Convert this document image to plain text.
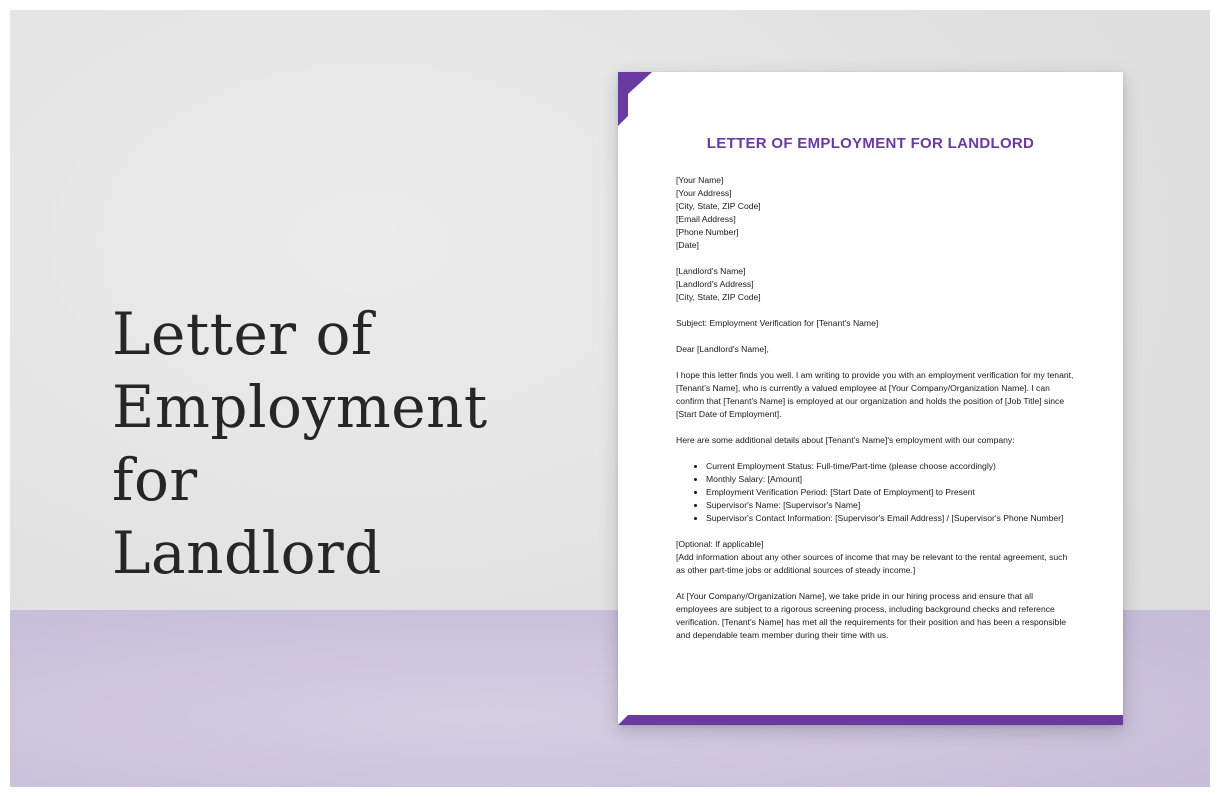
Letter of
Employment for
Landlord
LETTER OF EMPLOYMENT FOR LANDLORD

[Your Name]
[Your Address]
[City, State, ZIP Code]
[Email Address]
[Phone Number]
[Date]

[Landlord's Name]
[Landlord's Address]
[City, State, ZIP Code]

Subject: Employment Verification for [Tenant's Name]

Dear [Landlord's Name],

I hope this letter finds you well. I am writing to provide you with an employment verification for my tenant, [Tenant's Name], who is currently a valued employee at [Your Company/Organization Name]. I can confirm that [Tenant's Name] is employed at our organization and holds the position of [Job Title] since [Start Date of Employment].

Here are some additional details about [Tenant's Name]'s employment with our company:

• Current Employment Status: Full-time/Part-time (please choose accordingly)
• Monthly Salary: [Amount]
• Employment Verification Period: [Start Date of Employment] to Present
• Supervisor's Name: [Supervisor's Name]
• Supervisor's Contact Information: [Supervisor's Email Address] / [Supervisor's Phone Number]

[Optional: If applicable]
[Add information about any other sources of income that may be relevant to the rental agreement, such as other part-time jobs or additional sources of steady income.]

At [Your Company/Organization Name], we take pride in our hiring process and ensure that all employees are subject to a rigorous screening process, including background checks and reference verification. [Tenant's Name] has met all the requirements for their position and has been a responsible and dependable team member during their time with us.
